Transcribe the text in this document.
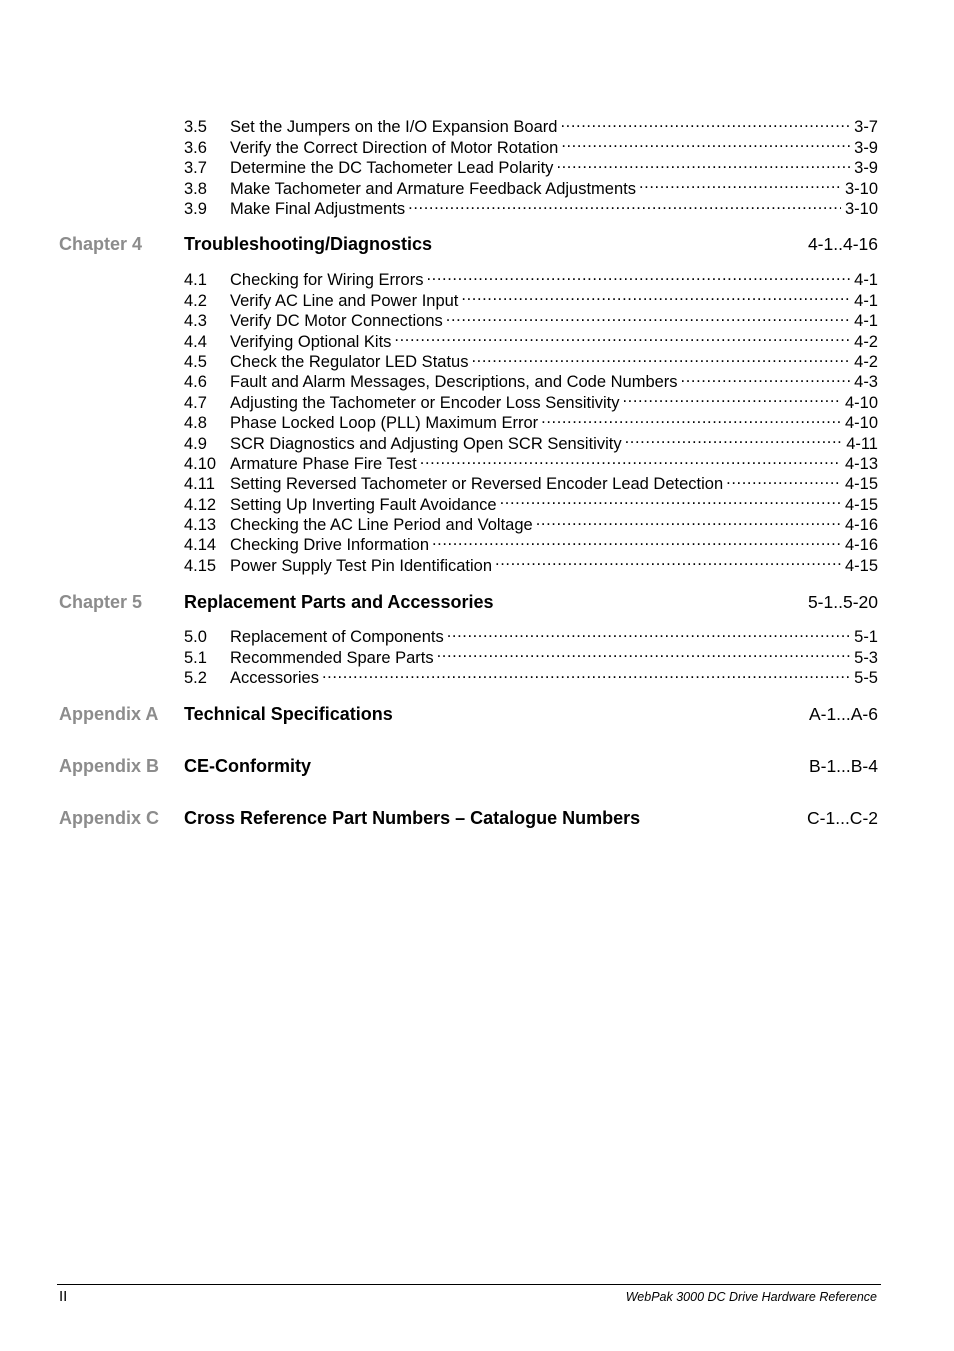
3.5	Set the Jumpers on the I/O Expansion Board .....	3-7
3.6	Verify the Correct Direction of Motor Rotation .....	3-9
3.7	Determine the DC Tachometer Lead Polarity .....	3-9
3.8	Make Tachometer and Armature Feedback Adjustments .....	3-10
3.9	Make Final Adjustments .....	3-10
Chapter 4 Troubleshooting/Diagnostics	4-1..4-16
4.1	Checking for Wiring Errors .....	4-1
4.2	Verify AC Line and Power Input .....	4-1
4.3	Verify DC Motor Connections .....	4-1
4.4	Verifying Optional Kits .....	4-2
4.5	Check the Regulator LED Status .....	4-2
4.6	Fault and Alarm Messages, Descriptions, and Code Numbers .....	4-3
4.7	Adjusting the Tachometer or Encoder Loss Sensitivity .....	4-10
4.8	Phase Locked Loop (PLL) Maximum Error .....	4-10
4.9	SCR Diagnostics and Adjusting Open SCR Sensitivity .....	4-11
4.10 Armature Phase Fire Test .....	4-13
4.11 Setting Reversed Tachometer or Reversed Encoder Lead Detection .....	4-15
4.12 Setting Up Inverting Fault Avoidance .....	4-15
4.13 Checking the AC Line Period and Voltage .....	4-16
4.14 Checking Drive Information .....	4-16
4.15 Power Supply Test Pin Identification .....	4-15
Chapter 5 Replacement Parts and Accessories	5-1..5-20
5.0	Replacement of Components .....	5-1
5.1	Recommended Spare Parts .....	5-3
5.2	Accessories .....	5-5
Appendix A Technical Specifications	A-1...A-6
Appendix B CE-Conformity	B-1...B-4
Appendix C Cross Reference Part Numbers – Catalogue Numbers	C-1...C-2
II	WebPak 3000 DC Drive Hardware Reference
